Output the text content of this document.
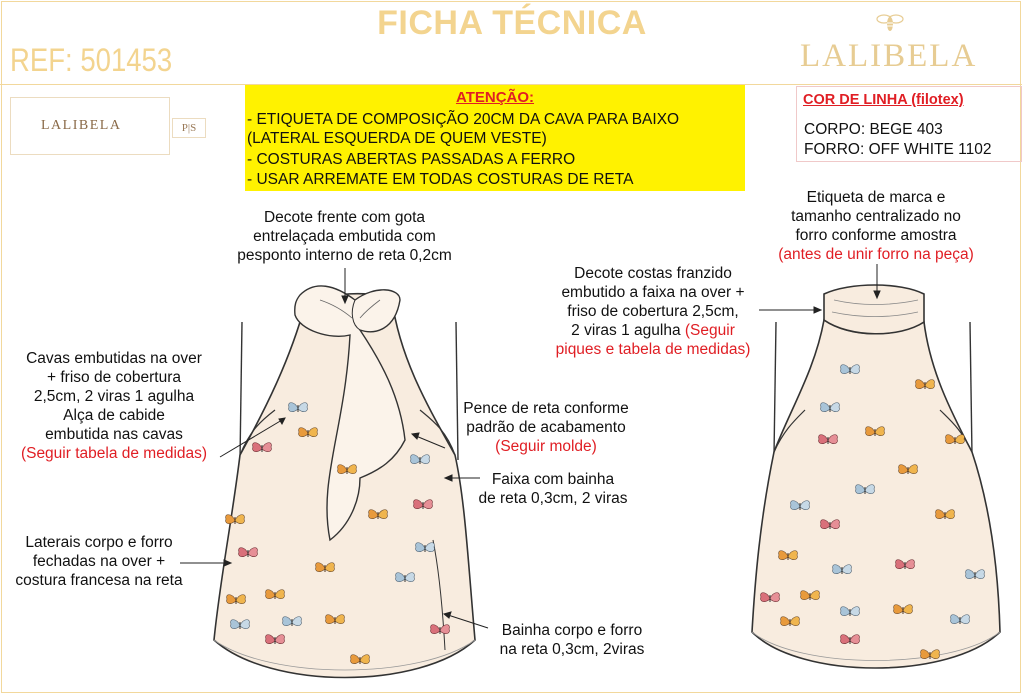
FICHA TÉCNICA
REF: 501453	LALIBELA
LALIBELA	P|S
ATENÇÃO:
- ETIQUETA DE COMPOSIÇÃO 20CM DA CAVA PARA BAIXO
(LATERAL ESQUERDA DE QUEM VESTE)
- COSTURAS ABERTAS PASSADAS A FERRO
- USAR ARREMATE EM TODAS COSTURAS DE RETA
COR DE LINHA (filotex)
CORPO: BEGE 403
FORRO: OFF WHITE 1102
Decote frente com gota
entrelaçada embutida com
pesponto interno de reta 0,2cm
Cavas embutidas na over
+ friso de cobertura
2,5cm, 2 viras 1 agulha
Alça de cabide
embutida nas cavas
(Seguir tabela de medidas)
Pence de reta conforme
padrão de acabamento
(Seguir molde)
Faixa com bainha
de reta 0,3cm, 2 viras
Laterais corpo e forro
fechadas na over +
costura francesa na reta
Bainha corpo e forro
na reta 0,3cm, 2viras
Etiqueta de marca e
tamanho centralizado no
forro conforme amostra
(antes de unir forro na peça)
Decote costas franzido
embutido a faixa na over +
friso de cobertura 2,5cm,
2 viras 1 agulha (Seguir
piques e tabela de medidas)
